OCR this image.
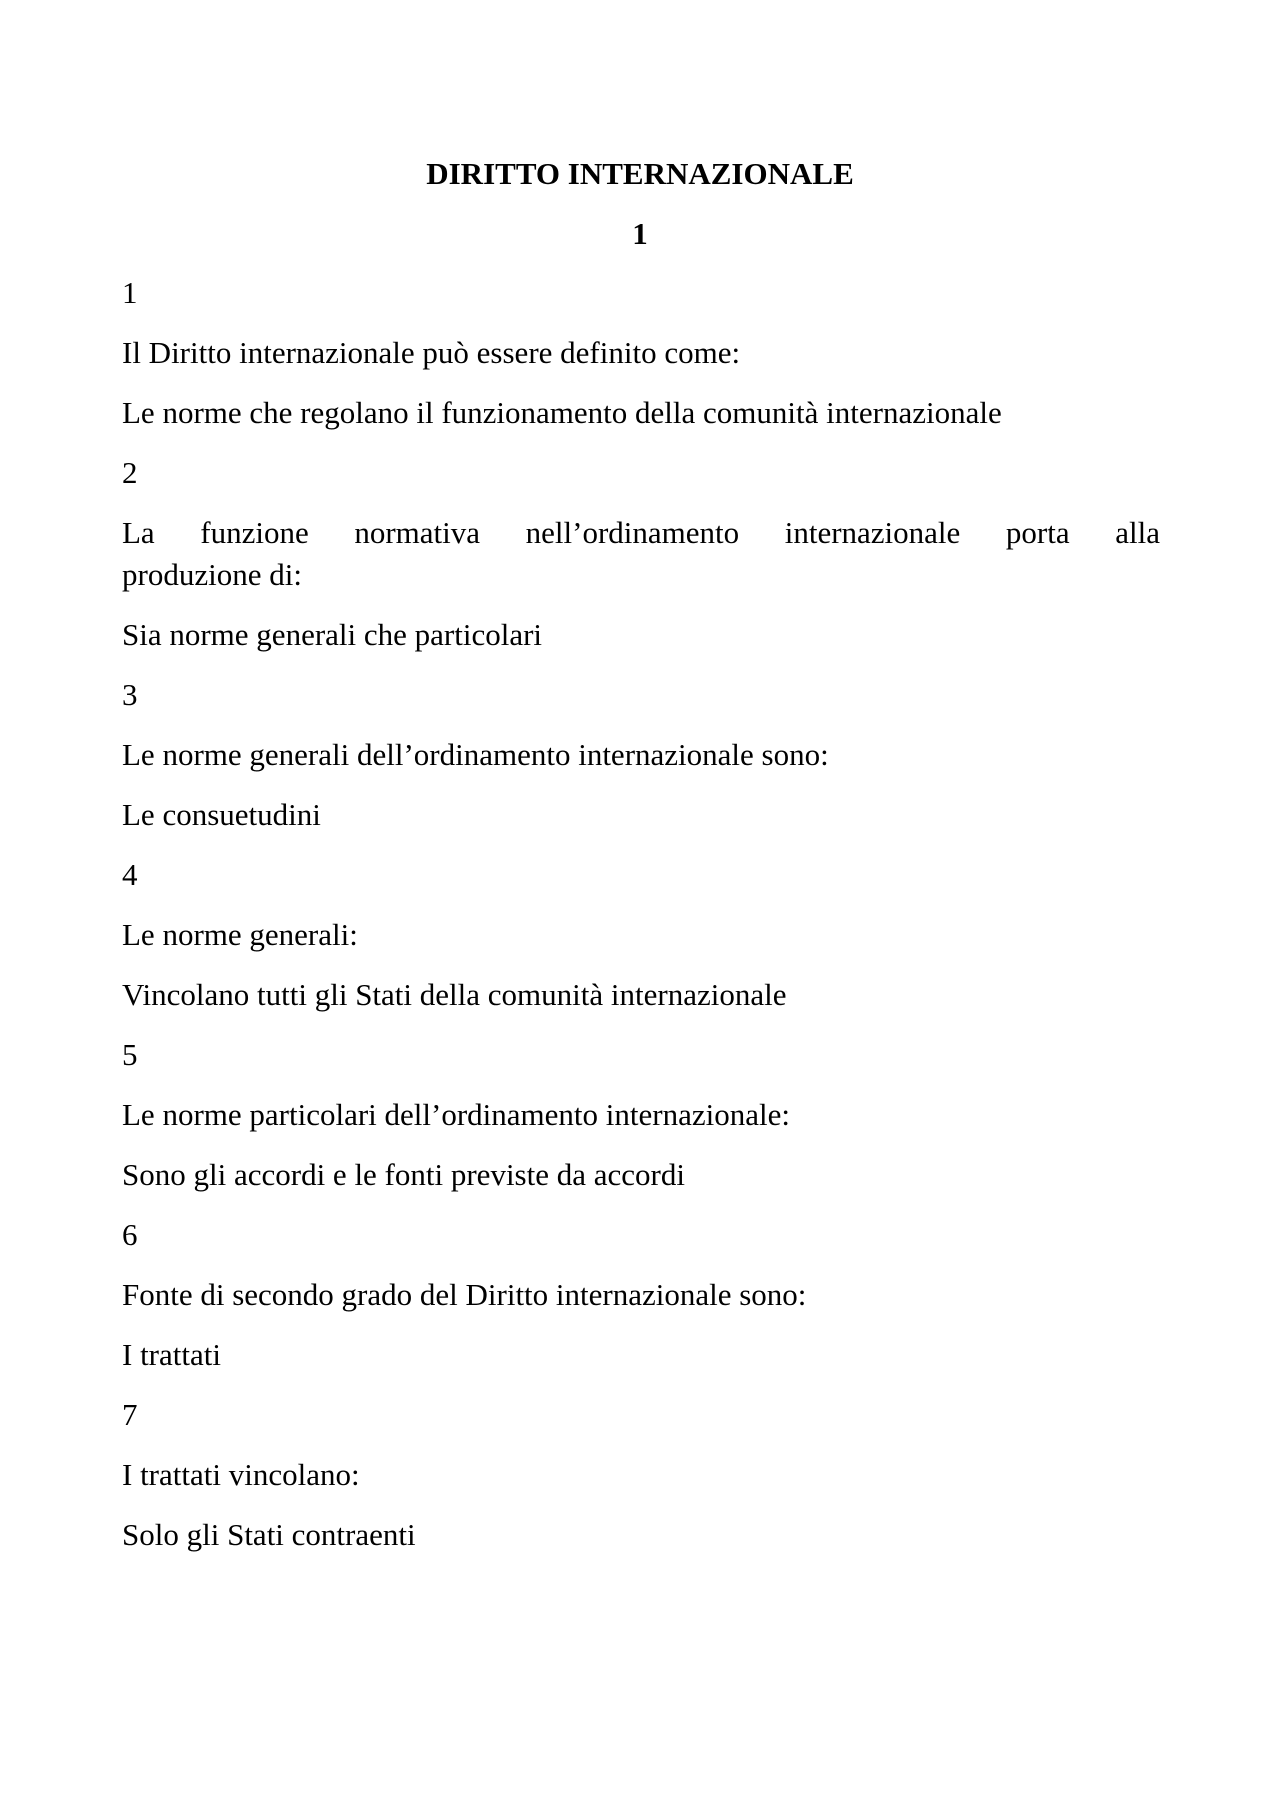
DIRITTO INTERNAZIONALE
1

1

Il Diritto internazionale può essere definito come:

Le norme che regolano il funzionamento della comunità internazionale

2

La funzione normativa nell’ordinamento internazionale porta alla

produzione di:

Sia norme generali che particolari

3

Le norme generali dell’ordinamento internazionale sono:

Le consuetudini

4

Le norme generali:

Vincolano tutti gli Stati della comunità internazionale

5

Le norme particolari dell’ordinamento internazionale:

Sono gli accordi e le fonti previste da accordi

6

Fonte di secondo grado del Diritto internazionale sono:

I trattati

7

I trattati vincolano:

Solo gli Stati contraenti
